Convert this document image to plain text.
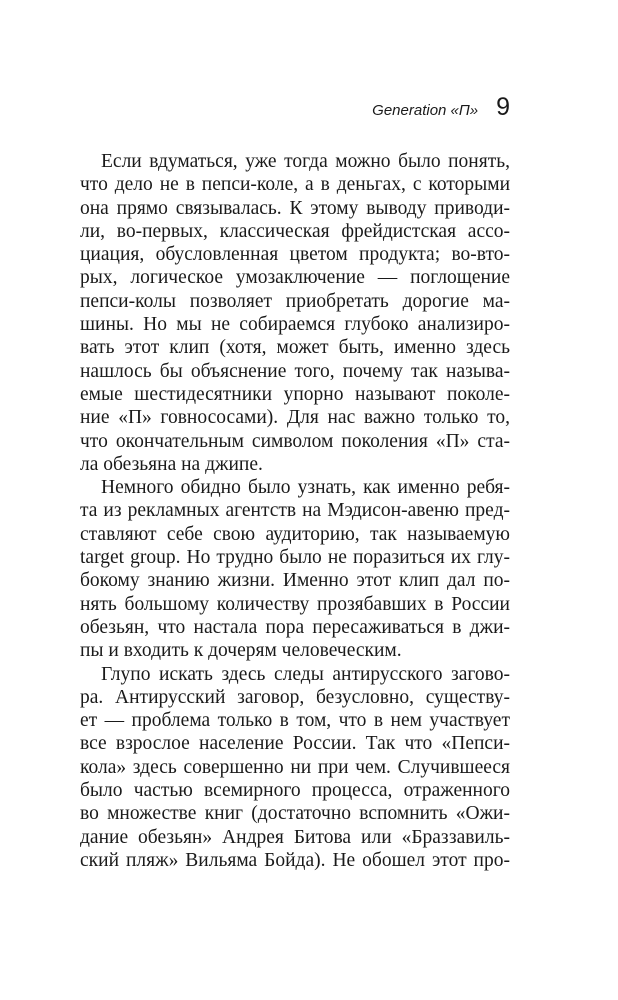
Generation «П» 9
Если вдуматься, уже тогда можно было понять,
что дело не в пепси-коле, а в деньгах, с которыми
она прямо связывалась. К этому выводу приводи-
ли, во-первых, классическая фрейдистская ассо-
циация, обусловленная цветом продукта; во-вто-
рых, логическое умозаключение — поглощение
пепси-колы позволяет приобретать дорогие ма-
шины. Но мы не собираемся глубоко анализиро-
вать этот клип (хотя, может быть, именно здесь
нашлось бы объяснение того, почему так называ-
емые шестидесятники упорно называют поколе-
ние «П» говнососами). Для нас важно только то,
что окончательным символом поколения «П» ста-
ла обезьяна на джипе.
Немного обидно было узнать, как именно ребя-
та из рекламных агентств на Мэдисон-авеню пред-
ставляют себе свою аудиторию, так называемую
target group. Но трудно было не поразиться их глу-
бокому знанию жизни. Именно этот клип дал по-
нять большому количеству прозябавших в России
обезьян, что настала пора пересаживаться в джи-
пы и входить к дочерям человеческим.
Глупо искать здесь следы антирусского загово-
ра. Антирусский заговор, безусловно, существу-
ет — проблема только в том, что в нем участвует
все взрослое население России. Так что «Пепси-
кола» здесь совершенно ни при чем. Случившееся
было частью всемирного процесса, отраженного
во множестве книг (достаточно вспомнить «Ожи-
дание обезьян» Андрея Битова или «Браззавиль-
ский пляж» Вильяма Бойда). Не обошел этот про-
